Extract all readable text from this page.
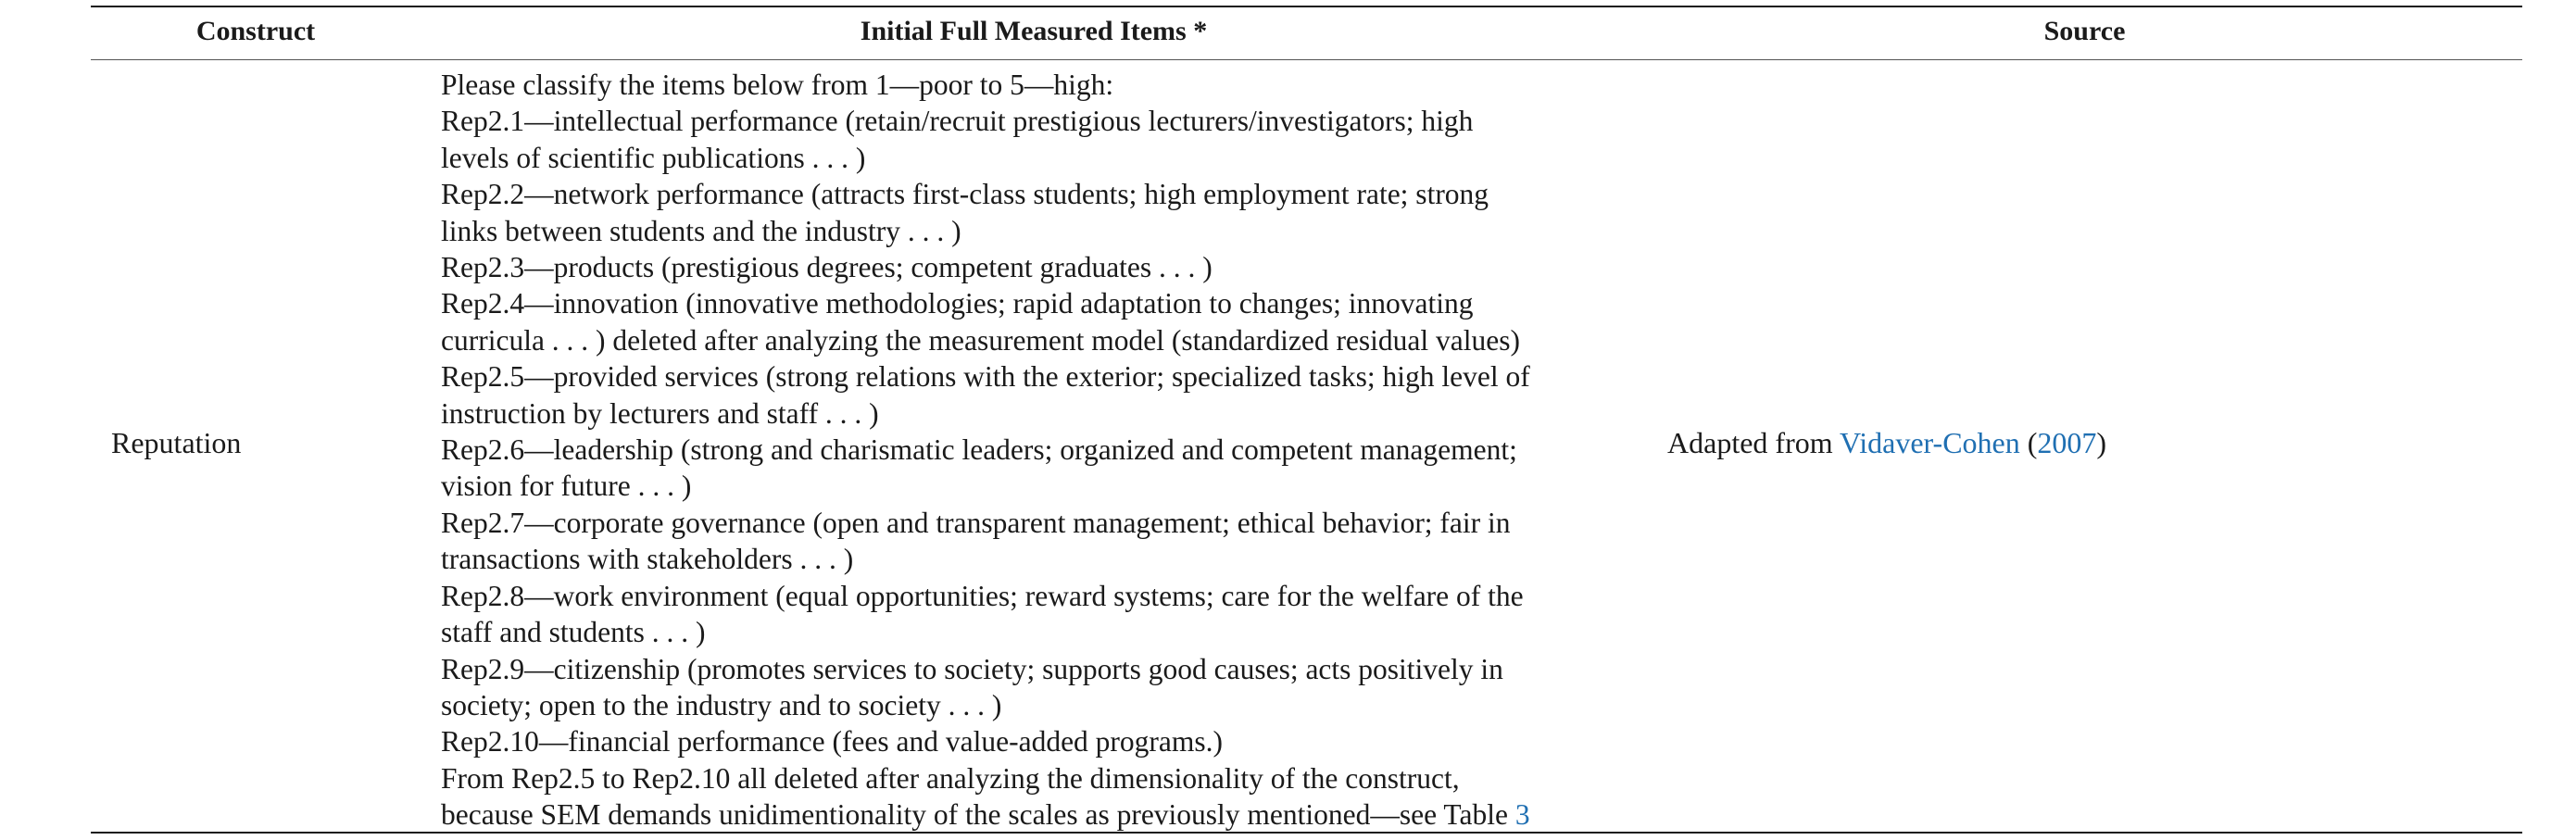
Construct	Initial Full Measured Items *	Source
Reputation
Please classify the items below from 1—poor to 5—high:
Rep2.1—intellectual performance (retain/recruit prestigious lecturers/investigators; high
levels of scientific publications . . . )
Rep2.2—network performance (attracts first-class students; high employment rate; strong
links between students and the industry . . . )
Rep2.3—products (prestigious degrees; competent graduates . . . )
Rep2.4—innovation (innovative methodologies; rapid adaptation to changes; innovating
curricula . . . ) deleted after analyzing the measurement model (standardized residual values)
Rep2.5—provided services (strong relations with the exterior; specialized tasks; high level of
instruction by lecturers and staff . . . )
Rep2.6—leadership (strong and charismatic leaders; organized and competent management;
vision for future . . . )
Rep2.7—corporate governance (open and transparent management; ethical behavior; fair in
transactions with stakeholders . . . )
Rep2.8—work environment (equal opportunities; reward systems; care for the welfare of the
staff and students . . . )
Rep2.9—citizenship (promotes services to society; supports good causes; acts positively in
society; open to the industry and to society . . . )
Rep2.10—financial performance (fees and value-added programs.)
From Rep2.5 to Rep2.10 all deleted after analyzing the dimensionality of the construct,
because SEM demands unidimentionality of the scales as previously mentioned—see Table 3
Adapted from Vidaver-Cohen (2007)
